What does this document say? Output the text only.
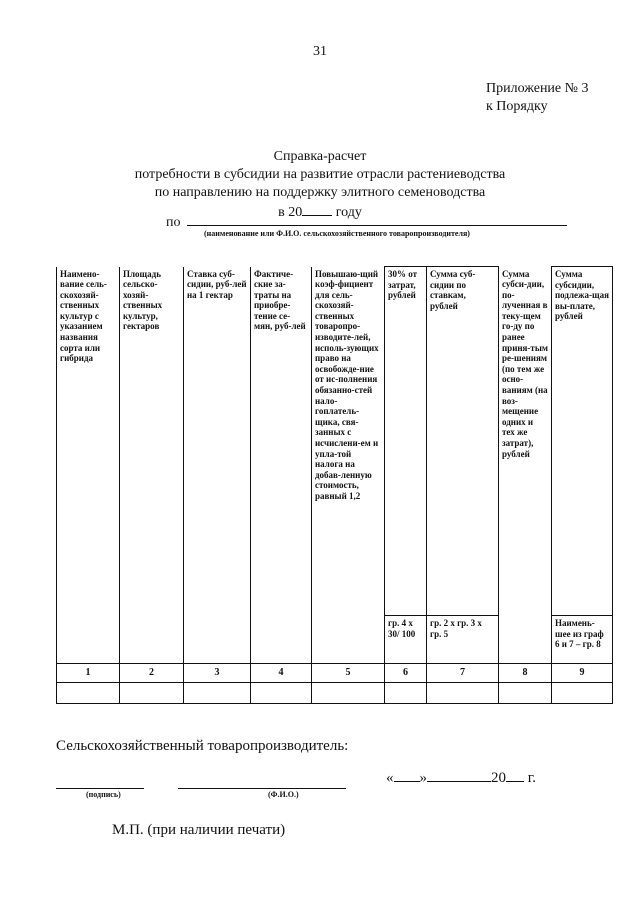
31
Приложение № 3
к Порядку
Справка-расчет
потребности в субсидии на развитие отрасли растениеводства
по направлению на поддержку элитного семеноводства
в 20 году
по
(наименование или Ф.И.О. сельскохозяйственного товаропроизводителя)
Наимено-вание сель-скохозяй-ственных культур с указанием названия сорта или гибрида	Площадь сельско-хозяй-ственных культур, гектаров	Ставка суб-сидии, руб-лей на 1 гектар	Фактиче-ские за-траты на приобре-тение се-мян, руб-лей	Повышаю-щий коэф-фициент для сель-скохозяй-ственных товаропро-изводите-лей, исполь-зующих право на освобожде-ние от ис-полнения обязанно-стей нало-гоплатель-щика, свя-занных с исчислени-ем и упла-той налога на добав-ленную стоимость, равный 1,2	30% от затрат, рублей	Сумма суб-сидии по ставкам, рублей	Сумма субси-дии, по-лученная в теку-щем го-ду по ранее приня-тым ре-шениям (по тем же осно-ваниям (на воз-мещение одних и тех же затрат), рублей	Сумма субсидии, подлежа-щая вы-плате, рублей
					гр. 4 х 30/ 100	гр. 2 х гр. 3 х гр. 5		Наимень-шее из граф 6 и 7 – гр. 8
1	2	3	4	5	6	7	8	9

Сельскохозяйственный товаропроизводитель:
(подпись)	(Ф.И.О.)
« »	20 г.
М.П. (при наличии печати)
